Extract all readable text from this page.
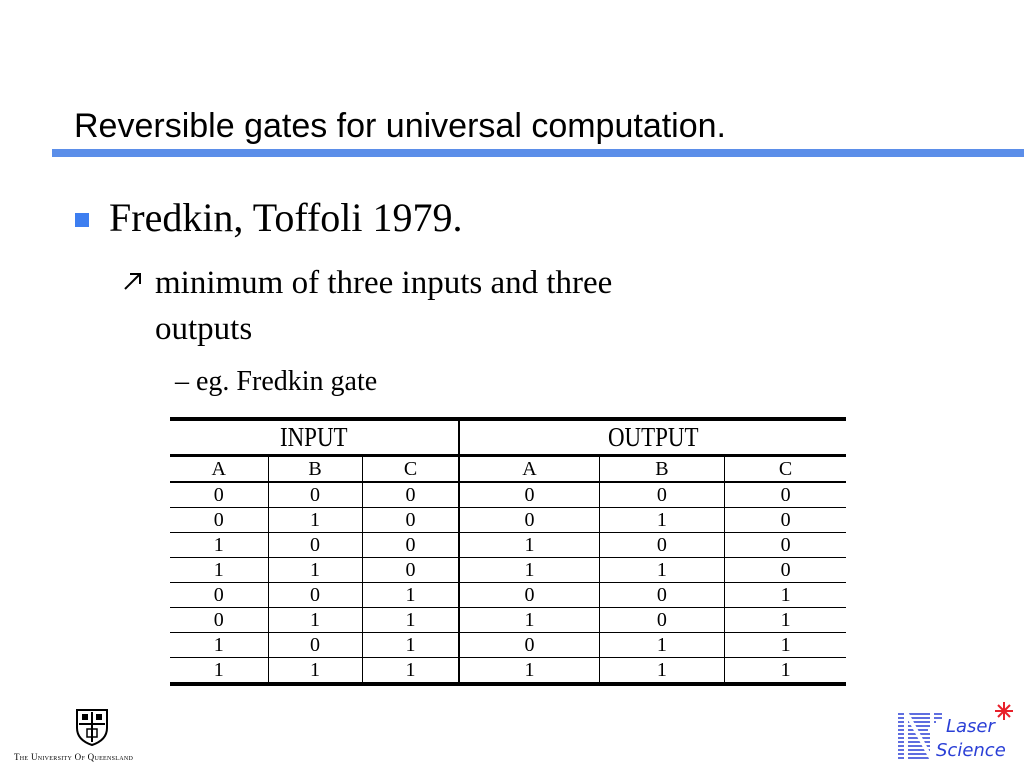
Reversible gates for universal computation.
Fredkin, Toffoli 1979.
minimum of three inputs and three
outputs
– eg. Fredkin gate
INPUT			OUTPUT		
A	B	C	A	B	C
0	0	0	0	0	0
0	1	0	0	1	0
1	0	0	1	0	0
1	1	0	1	1	0
0	0	1	0	0	1
0	1	1	1	0	1
1	0	1	0	1	1
1	1	1	1	1	1
The University Of Queensland
Laser
Science
